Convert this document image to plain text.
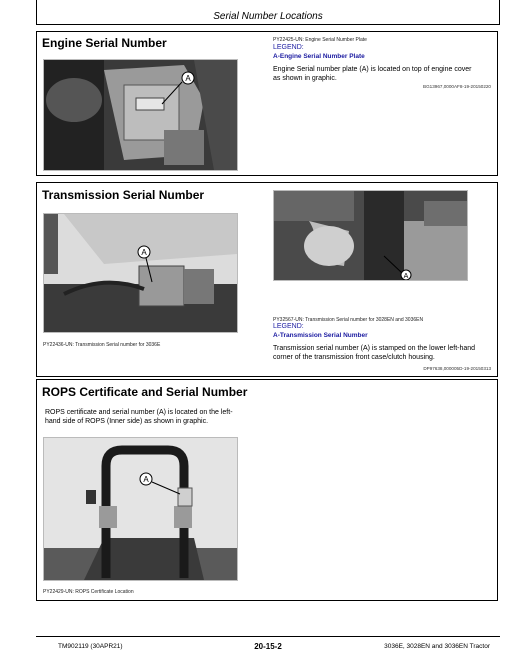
Serial Number Locations
Engine Serial Number
A
PY22425-UN: Engine Serial Number Plate
LEGEND:
A-Engine Serial Number Plate
Engine Serial number plate (A) is located on top of engine cover as shown in graphic.
BG13967,0000AF8-19-20150220
Transmission Serial Number
A
PY22436-UN: Transmission Serial number for 3036E
A
PY32567-UN: Transmission Serial number for 3028EN and 3036EN
LEGEND:
A-Transmission Serial Number
Transmission serial number (A) is stamped on the lower left-hand corner of the transmission front case/clutch housing.
DP97638,000005D-19-20150313
ROPS Certificate and Serial Number
ROPS certificate and serial number (A) is located on the left-hand side of ROPS (Inner side) as shown in graphic.
A
PY22429-UN: ROPS Certificate Location
TM902119 (30APR21)	20-15-2	3036E, 3028EN and 3036EN Tractor
